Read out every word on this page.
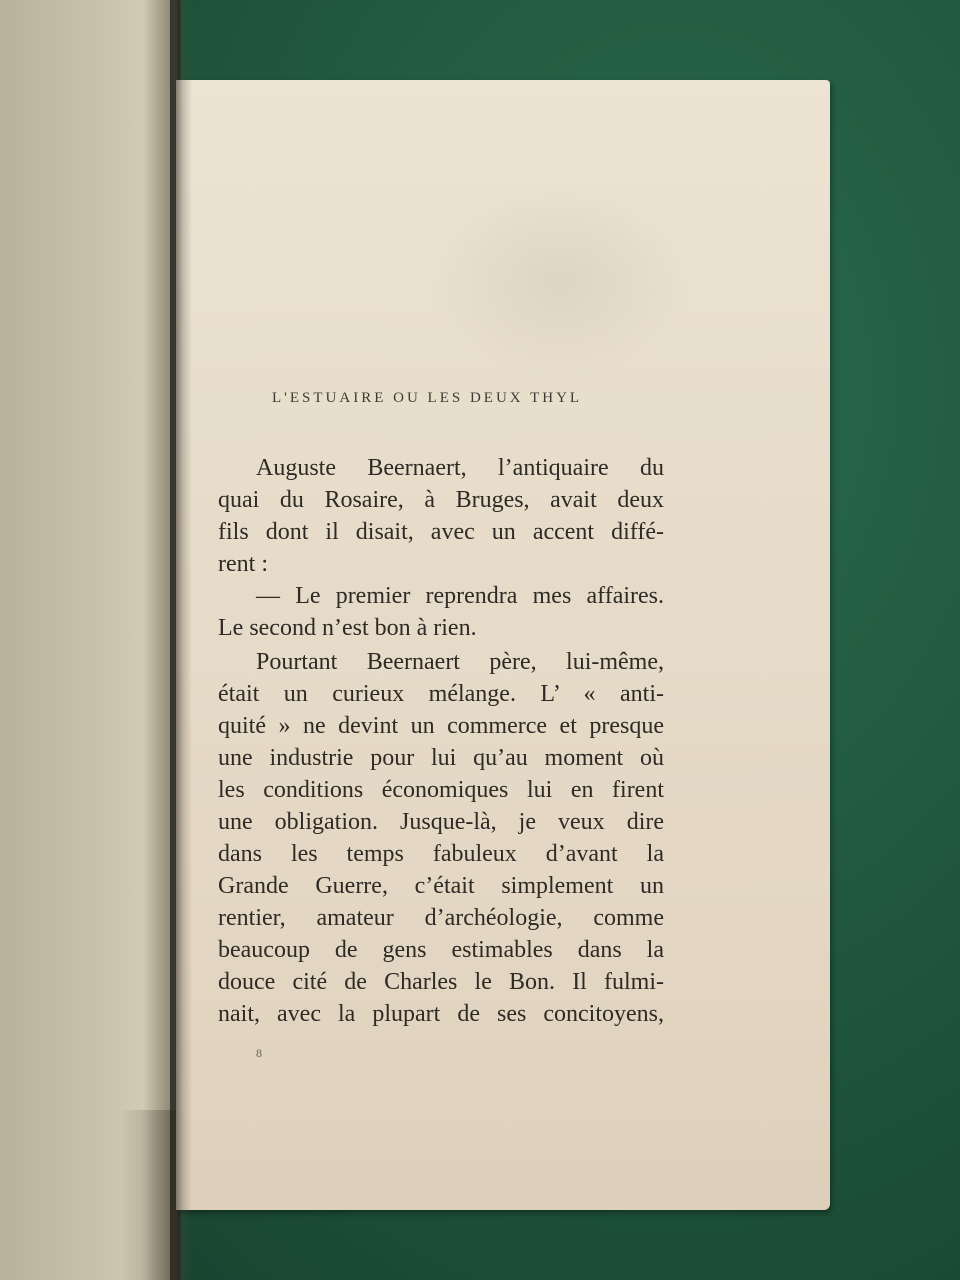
L'ESTUAIRE OU LES DEUX THYL
Auguste Beernaert, l’antiquaire du
quai du Rosaire, à Bruges, avait deux
fils dont il disait, avec un accent diffé-
rent :
— Le premier reprendra mes affaires.
Le second n’est bon à rien.
Pourtant Beernaert père, lui-même,
était un curieux mélange. L’ « anti-
quité » ne devint un commerce et presque
une industrie pour lui qu’au moment où
les conditions économiques lui en firent
une obligation. Jusque-là, je veux dire
dans les temps fabuleux d’avant la
Grande Guerre, c’était simplement un
rentier, amateur d’archéologie, comme
beaucoup de gens estimables dans la
douce cité de Charles le Bon. Il fulmi-
nait, avec la plupart de ses concitoyens,
8
